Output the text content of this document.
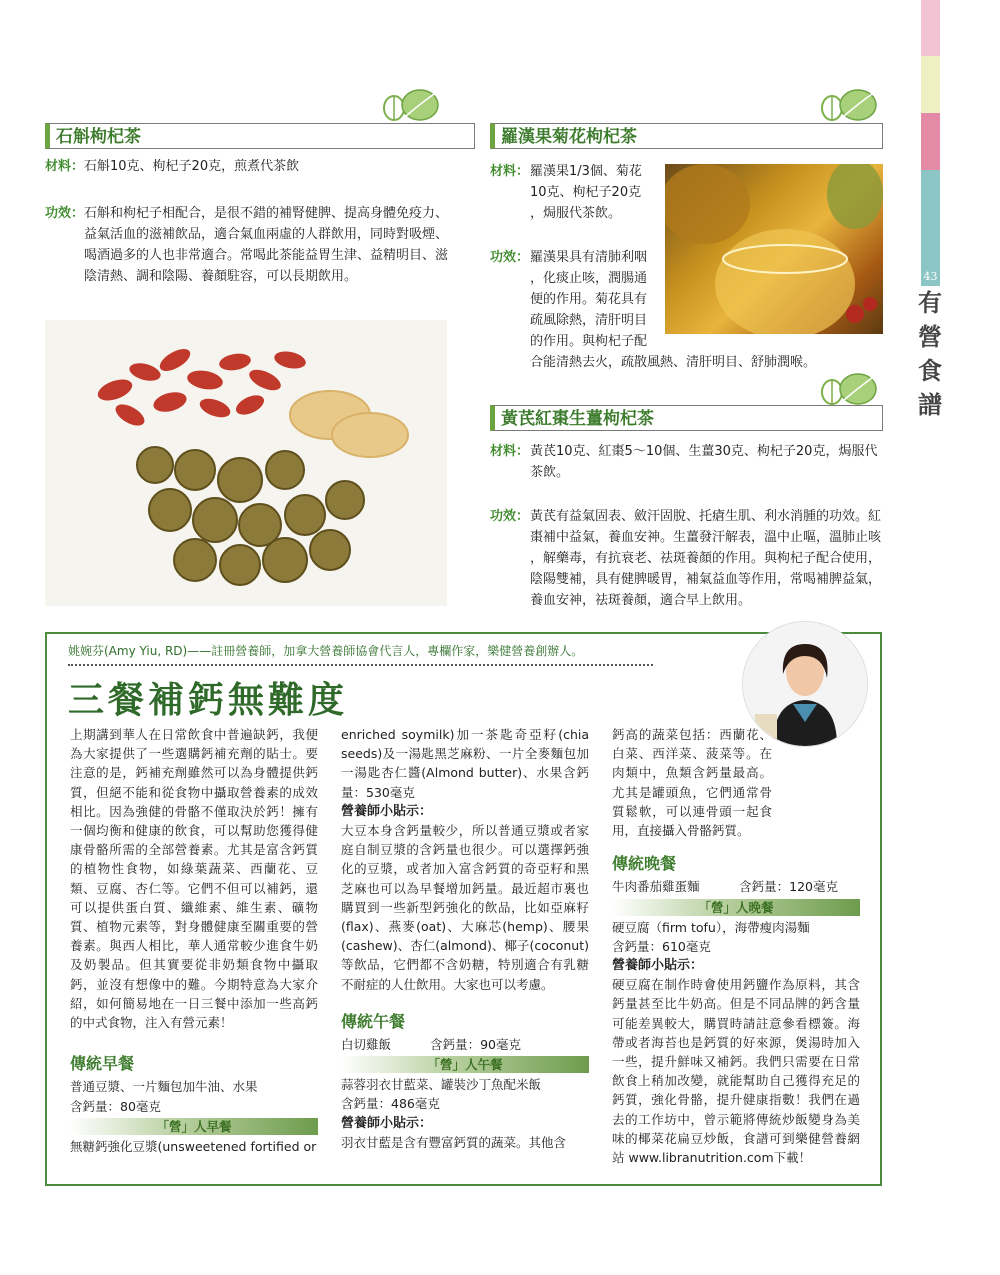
43
有
營
食
譜
石斛枸杞茶
材料：石斛10克、枸杞子20克，煎煮代茶飲
功效： 石斛和枸杞子相配合，是很不錯的補腎健脾、提高身體免疫力、
益氣活血的滋補飲品，適合氣血兩虛的人群飲用，同時對吸煙、
喝酒過多的人也非常適合。常喝此茶能益胃生津、益精明目、滋
陰清熱、調和陰陽、養顏駐容，可以長期飲用。
羅漢果菊花枸杞茶
材料： 羅漢果1/3個、菊花
10克、枸杞子20克
，焗服代茶飲。
功效： 羅漢果具有清肺利咽
，化痰止咳，潤腸通
便的作用。菊花具有
疏風除熱，清肝明目
的作用。與枸杞子配
合能清熱去火，疏散風熱、清肝明目、舒肺潤喉。
黃芪紅棗生薑枸杞茶
材料： 黃芪10克、紅棗5～10個、生薑30克、枸杞子20克，焗服代
茶飲。
功效： 黃芪有益氣固表、斂汗固脫、托瘡生肌、利水消腫的功效。紅
棗補中益氣，養血安神。生薑發汗解表，溫中止嘔，溫肺止咳
，解藥毒，有抗衰老、祛斑養顏的作用。與枸杞子配合使用，
陰陽雙補，具有健脾暖胃，補氣益血等作用，常喝補脾益氣，
養血安神，祛斑養顏，適合早上飲用。
姚婉芬(Amy Yiu, RD)——註冊營養師，加拿大營養師協會代言人，專欄作家，樂健營養創辦人。
三餐補鈣無難度
上期講到華人在日常飲食中普遍缺鈣，我便為大家提供了一些選購鈣補充劑的貼士。要注意的是，鈣補充劑雖然可以為身體提供鈣質，但絕不能和從食物中攝取營養素的成效相比。因為強健的骨骼不僅取決於鈣！擁有一個均衡和健康的飲食，可以幫助您獲得健康骨骼所需的全部營養素。尤其是富含鈣質的植物性食物，如綠葉蔬菜、西蘭花、豆類、豆腐、杏仁等。它們不但可以補鈣，還可以提供蛋白質、纖維素、維生素、礦物質、植物元素等，對身體健康至關重要的營養素。與西人相比，華人通常較少進食牛奶及奶製品。但其實要從非奶類食物中攝取鈣，並沒有想像中的難。今期特意為大家介紹，如何簡易地在一日三餐中添加一些高鈣的中式食物，注入有營元素！
傳統早餐
普通豆漿、一片麵包加牛油、水果
含鈣量：80毫克
「營」人早餐
無糖鈣強化豆漿(unsweetened fortified or
enriched soymilk)加一茶匙奇亞籽(chia seeds)及一湯匙黑芝麻粉、一片全麥麵包加一湯匙杏仁醬(Almond butter)、水果含鈣量：530毫克
營養師小貼示：
大豆本身含鈣量較少，所以普通豆漿或者家庭自制豆漿的含鈣量也很少。可以選擇鈣強化的豆漿，或者加入富含鈣質的奇亞籽和黑芝麻也可以為早餐增加鈣量。最近超市裏也購買到一些新型鈣強化的飲品，比如亞麻籽(flax)、燕麥(oat)、大麻芯(hemp)、腰果(cashew)、杏仁(almond)、椰子(coconut)等飲品，它們都不含奶糖，特別適合有乳糖不耐症的人仕飲用。大家也可以考慮。
傳統午餐
白切雞飯	含鈣量：90毫克
「營」人午餐
蒜蓉羽衣甘藍菜、罐裝沙丁魚配米飯
含鈣量：486毫克
營養師小貼示：
羽衣甘藍是含有豐富鈣質的蔬菜。其他含
鈣高的蔬菜包括：西蘭花、白菜、西洋菜、菠菜等。在肉類中，魚類含鈣量最高。尤其是罐頭魚，它們通常骨質鬆軟，可以連骨頭一起食用，直接攝入骨骼鈣質。
傳統晚餐
牛肉番茄雞蛋麵	含鈣量：120毫克
「營」人晚餐
硬豆腐（firm tofu），海帶瘦肉湯麵
含鈣量：610毫克
營養師小貼示：
硬豆腐在制作時會使用鈣鹽作為原料，其含鈣量甚至比牛奶高。但是不同品牌的鈣含量可能差異較大，購買時請註意參看標簽。海帶或者海苔也是鈣質的好來源，煲湯時加入一些，提升鮮味又補鈣。我們只需要在日常飲食上稍加改變，就能幫助自己獲得充足的鈣質，強化骨骼，提升健康指數！我們在過去的工作坊中，曾示範將傳統炒飯變身為美味的椰菜花扁豆炒飯，食譜可到樂健營養網站 www.libranutrition.com下載！
